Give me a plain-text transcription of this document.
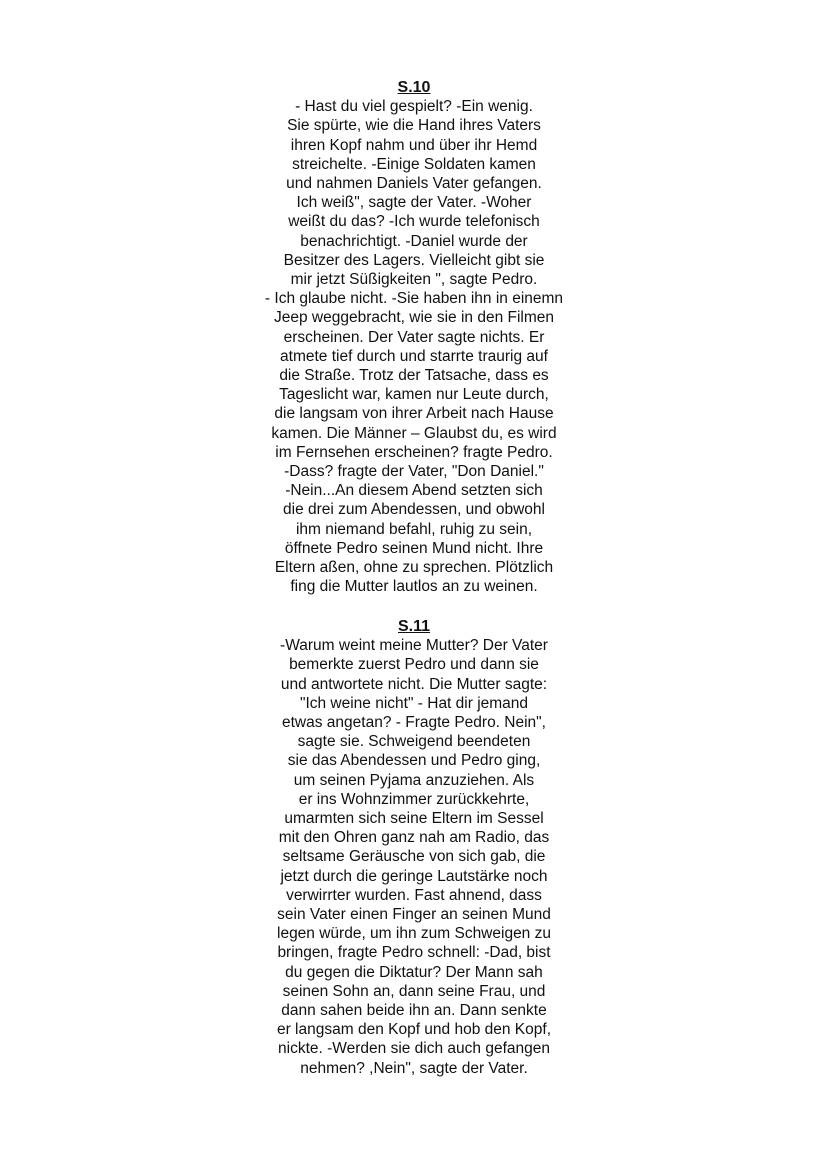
S.10
- Hast du viel gespielt? -Ein wenig.
Sie spürte, wie die Hand ihres Vaters
ihren Kopf nahm und über ihr Hemd
streichelte. -Einige Soldaten kamen
und nahmen Daniels Vater gefangen.
Ich weiß", sagte der Vater. -Woher
weißt du das? -Ich wurde telefonisch
benachrichtigt. -Daniel wurde der
Besitzer des Lagers. Vielleicht gibt sie
mir jetzt Süßigkeiten ", sagte Pedro.
- Ich glaube nicht. -Sie haben ihn in einemn
Jeep weggebracht, wie sie in den Filmen
erscheinen. Der Vater sagte nichts. Er
atmete tief durch und starrte traurig auf
die Straße. Trotz der Tatsache, dass es
Tageslicht war, kamen nur Leute durch,
die langsam von ihrer Arbeit nach Hause
kamen. Die Männer – Glaubst du, es wird
im Fernsehen erscheinen? fragte Pedro.
-Dass? fragte der Vater, "Don Daniel."
-Nein...An diesem Abend setzten sich
die drei zum Abendessen, und obwohl
ihm niemand befahl, ruhig zu sein,
öffnete Pedro seinen Mund nicht. Ihre
Eltern aßen, ohne zu sprechen. Plötzlich
fing die Mutter lautlos an zu weinen.
S.11
-Warum weint meine Mutter? Der Vater
bemerkte zuerst Pedro und dann sie
und antwortete nicht. Die Mutter sagte:
"Ich weine nicht" - Hat dir jemand
etwas angetan? - Fragte Pedro. Nein",
sagte sie. Schweigend beendeten
sie das Abendessen und Pedro ging,
um seinen Pyjama anzuziehen. Als
er ins Wohnzimmer zurückkehrte,
umarmten sich seine Eltern im Sessel
mit den Ohren ganz nah am Radio, das
seltsame Geräusche von sich gab, die
jetzt durch die geringe Lautstärke noch
verwirrter wurden. Fast ahnend, dass
sein Vater einen Finger an seinen Mund
legen würde, um ihn zum Schweigen zu
bringen, fragte Pedro schnell: -Dad, bist
du gegen die Diktatur? Der Mann sah
seinen Sohn an, dann seine Frau, und
dann sahen beide ihn an. Dann senkte
er langsam den Kopf und hob den Kopf,
nickte. -Werden sie dich auch gefangen
nehmen? ,Nein", sagte der Vater.
